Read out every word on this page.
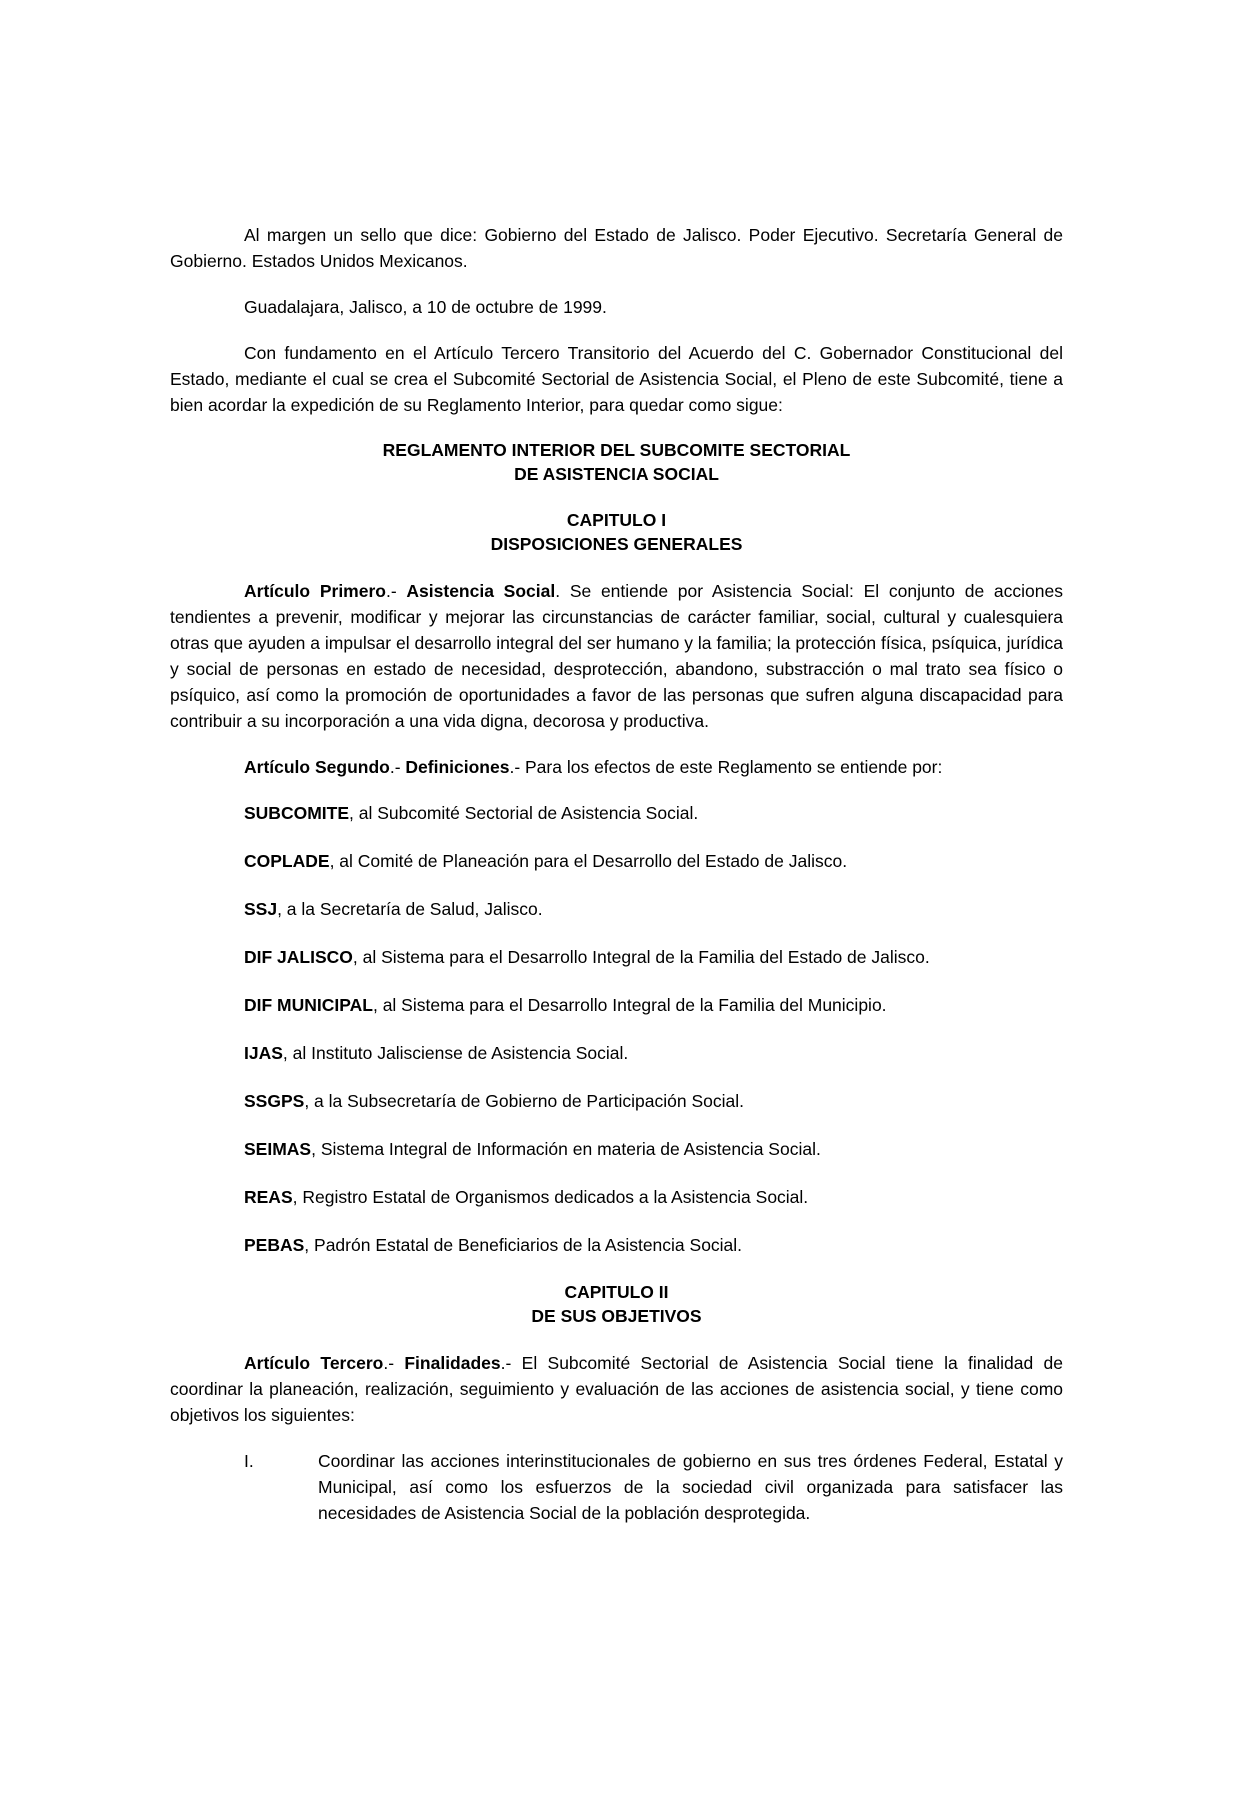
Al margen un sello que dice: Gobierno del Estado de Jalisco. Poder Ejecutivo. Secretaría General de Gobierno. Estados Unidos Mexicanos.

Guadalajara, Jalisco, a 10 de octubre de 1999.

Con fundamento en el Artículo Tercero Transitorio del Acuerdo del C. Gobernador Constitucional del Estado, mediante el cual se crea el Subcomité Sectorial de Asistencia Social, el Pleno de este Subcomité, tiene a bien acordar la expedición de su Reglamento Interior, para quedar como sigue:

REGLAMENTO INTERIOR DEL SUBCOMITE SECTORIAL
DE ASISTENCIA SOCIAL
CAPITULO I
DISPOSICIONES GENERALES

Artículo Primero.- Asistencia Social. Se entiende por Asistencia Social: El conjunto de acciones tendientes a prevenir, modificar y mejorar las circunstancias de carácter familiar, social, cultural y cualesquiera otras que ayuden a impulsar el desarrollo integral del ser humano y la familia; la protección física, psíquica, jurídica y social de personas en estado de necesidad, desprotección, abandono, substracción o mal trato sea físico o psíquico, así como la promoción de oportunidades a favor de las personas que sufren alguna discapacidad para contribuir a su incorporación a una vida digna, decorosa y productiva.

Artículo Segundo.- Definiciones.- Para los efectos de este Reglamento se entiende por:

SUBCOMITE, al Subcomité Sectorial de Asistencia Social.

COPLADE, al Comité de Planeación para el Desarrollo del Estado de Jalisco.

SSJ, a la Secretaría de Salud, Jalisco.

DIF JALISCO, al Sistema para el Desarrollo Integral de la Familia del Estado de Jalisco.

DIF MUNICIPAL, al Sistema para el Desarrollo Integral de la Familia del Municipio.

IJAS, al Instituto Jalisciense de Asistencia Social.

SSGPS, a la Subsecretaría de Gobierno de Participación Social.

SEIMAS, Sistema Integral de Información en materia de Asistencia Social.

REAS, Registro Estatal de Organismos dedicados a la Asistencia Social.

PEBAS, Padrón Estatal de Beneficiarios de la Asistencia Social.

CAPITULO II
DE SUS OBJETIVOS

Artículo Tercero.- Finalidades.- El Subcomité Sectorial de Asistencia Social tiene la finalidad de coordinar la planeación, realización, seguimiento y evaluación de las acciones de asistencia social, y tiene como objetivos los siguientes:

I.	Coordinar las acciones interinstitucionales de gobierno en sus tres órdenes Federal, Estatal y Municipal, así como los esfuerzos de la sociedad civil organizada para satisfacer las necesidades de Asistencia Social de la población desprotegida.
